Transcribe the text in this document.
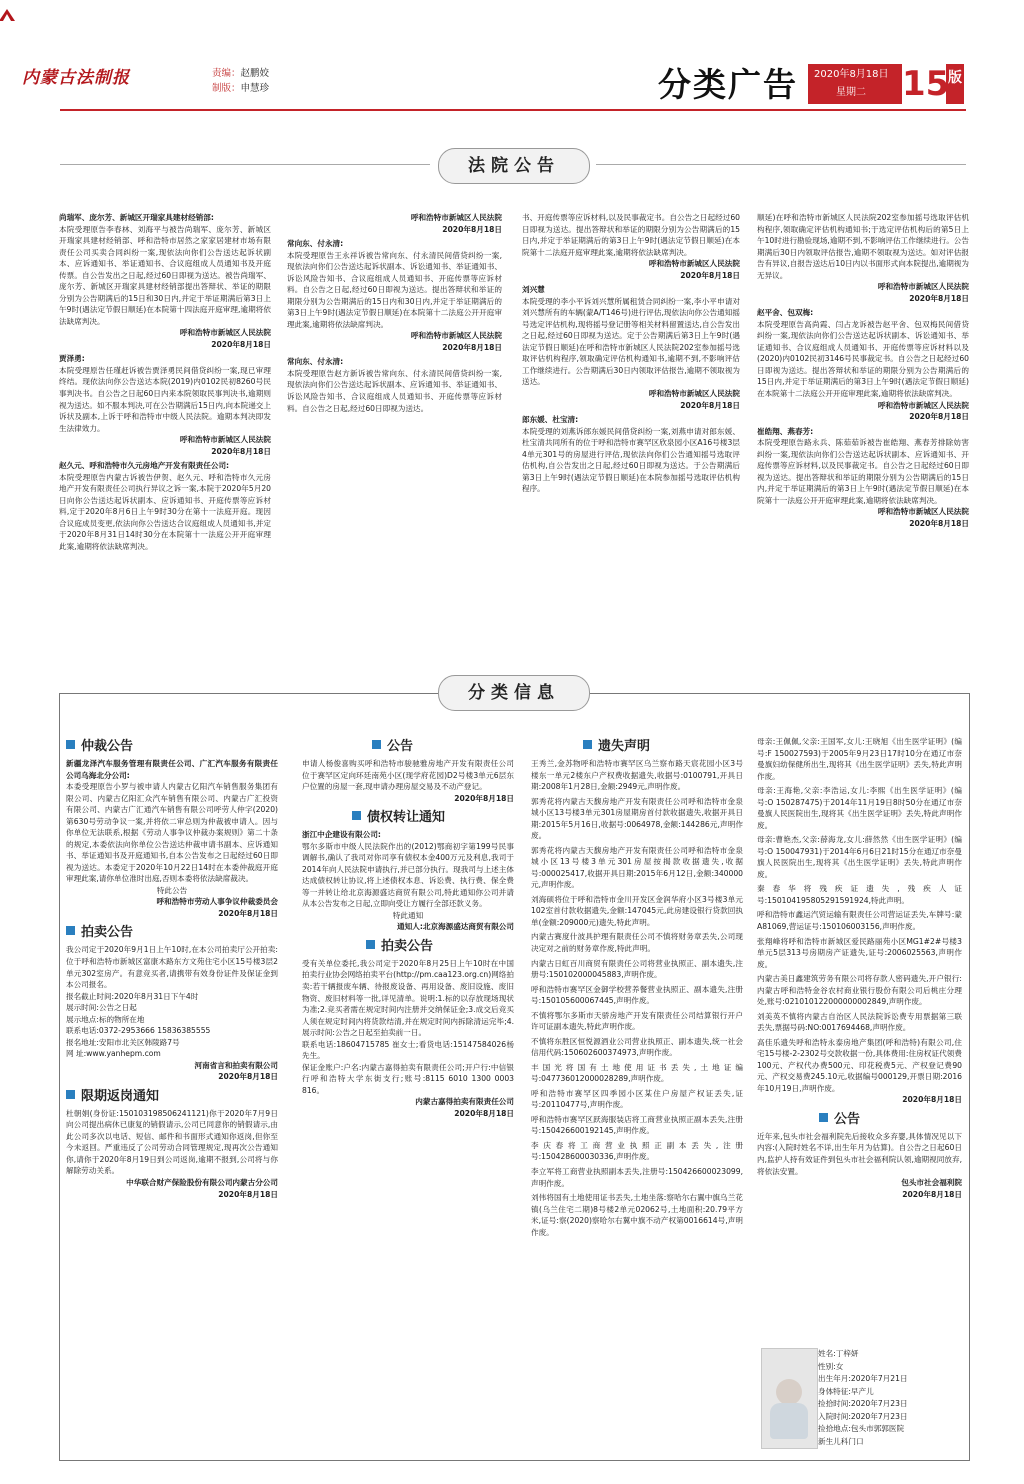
内蒙古法制报	责编：赵鹏姣
制版：申慧珍	分类广告 2020年8月18日
星期二 15
版
法院公告

尚瑞军、庞尔芳、新城区开瑞家具建材经销部:

本院受理原告李春林、刘海平与被告尚瑞军、庞尔芳、新城区开瑞家具建材经销部、呼和浩特市居然之家家居建材市场有限责任公司买卖合同纠纷一案,现依法向你们公告送达起诉状副本、应诉通知书、举证通知书、合议庭组成人员通知书及开庭传票。自公告发出之日起,经过60日即视为送达。被告尚瑞军、庞尔芳、新城区开瑞家具建材经销部提出答辩状、举证的期限分别为公告期满后的15日和30日内,并定于举证期满后第3日上午9时(遇法定节假日顺延)在本院第十四法庭开庭审理,逾期将依法缺席判决。

呼和浩特市新城区人民法院

2020年8月18日

贾泽勇:

本院受理原告任瑾赶诉被告贾泽勇民间借贷纠纷一案,现已审理终结。现依法向你公告送达本院(2019)内0102民初8260号民事判决书。自公告之日起60日内来本院领取民事判决书,逾期则视为送达。如不服本判决,可在公告期满后15日内,向本院递交上诉状及副本,上诉于呼和浩特市中级人民法院。逾期本判决即发生法律效力。

呼和浩特市新城区人民法院

2020年8月18日

赵久元、呼和浩特市久元房地产开发有限责任公司:

本院受理原告内蒙古诉被告伊贺、赵久元、呼和浩特市久元房地产开发有限责任公司执行异议之诉一案,本院于2020年5月20日向你公告送达起诉状副本、应诉通知书、开庭传票等应诉材料,定于2020年8月6日上午9时30分在第十一法庭开庭。现因合议庭成员变更,依法向你公告送达合议庭组成人员通知书,并定于2020年8月31日14时30分在本院第十一法庭公开开庭审理此案,逾期将依法缺席判决。

呼和浩特市新城区人民法院

2020年8月18日

常向东、付永清:

本院受理原告王永祥诉被告常向东、付永清民间借贷纠纷一案,现依法向你们公告送达起诉状副本、诉讼通知书、举证通知书、诉讼风险告知书、合议庭组成人员通知书、开庭传票等应诉材料。自公告之日起,经过60日即视为送达。提出答辩状和举证的期限分别为公告期满后的15日内和30日内,并定于举证期满后的第3日上午9时(遇法定节假日顺延)在本院第十二法庭公开开庭审理此案,逾期将依法缺席判决。

呼和浩特市新城区人民法院

2020年8月18日

常向东、付永清:

本院受理原告赵方新诉被告常向东、付永清民间借贷纠纷一案,现依法向你们公告送达起诉状副本、应诉通知书、举证通知书、诉讼风险告知书、合议庭组成人员通知书、开庭传票等应诉材料。自公告之日起,经过60日即视为送达。

书、开庭传票等应诉材料,以及民事裁定书。自公告之日起经过60日即视为送达。提出答辩状和举证的期限分别为公告期满后的15日内,并定于举证期满后的第3日上午9时(遇法定节假日顺延)在本院第十二法庭开庭审理此案,逾期将依法缺席判决。

呼和浩特市新城区人民法院

2020年8月18日

刘兴慧

本院受理的李小平诉刘兴慧所属租赁合同纠纷一案,李小平申请对刘兴慧所有的车辆(蒙A/T146号)进行评估,现依法向你公告通知摇号选定评估机构,现将摇号登记册等相关材料留置送达,自公告发出之日起,经过60日即视为送达。定于公告期满后第3日上午9时(遇法定节假日顺延)在呼和浩特市新城区人民法院202室参加摇号选取评估机构程序,领取确定评估机构通知书,逾期不到,不影响评估工作继续进行。公告期满后30日内领取评估报告,逾期不领取视为送达。

呼和浩特市新城区人民法院

2020年8月18日

郎东媛、杜宝清:

本院受理的刘燕诉郎东媛民间借贷纠纷一案,刘燕申请对郎东媛、杜宝清共同所有的位于呼和浩特市赛罕区欣泉园小区A16号楼3层4单元301号的房屋进行评估,现依法向你们公告通知摇号选取评估机构,自公告发出之日起,经过60日即视为送达。于公告期满后第3日上午9时(遇法定节假日顺延)在本院参加摇号选取评估机构程序。

顺延)在呼和浩特市新城区人民法院202室参加摇号选取评估机构程序,领取确定评估机构通知书;于选定评估机构后的第5日上午10时进行勘验现场,逾期不到,不影响评估工作继续进行。公告期满后30日内领取评估报告,逾期不领取视为送达。如对评估报告有异议,自报告送达后10日内以书面形式向本院提出,逾期视为无异议。

呼和浩特市新城区人民法院

2020年8月18日

赵平舍、包双梅:

本院受理原告高尚霞、闫占龙诉被告赵平舍、包双梅民间借贷纠纷一案,现依法向你们公告送达起诉状副本、诉讼通知书、举证通知书、合议庭组成人员通知书、开庭传票等应诉材料以及(2020)内0102民初3146号民事裁定书。自公告之日起经过60日即视为送达。提出答辩状和举证的期限分别为公告期满后的15日内,并定于举证期满后的第3日上午9时(遇法定节假日顺延)在本院第十二法庭公开开庭审理此案,逾期将依法缺席判决。

呼和浩特市新城区人民法院

2020年8月18日

崔皓翔、燕春芳:

本院受理原告路永兵、陈茹茹诉被告崔皓翔、燕春芳排除妨害纠纷一案,现依法向你们公告送达起诉状副本、应诉通知书、开庭传票等应诉材料,以及民事裁定书。自公告之日起经过60日即视为送达。提出答辩状和举证的期限分别为公告期满后的15日内,并定于举证期满后的第3日上午9时(遇法定节假日顺延)在本院第十一法庭公开开庭审理此案,逾期将依法缺席判决。

呼和浩特市新城区人民法院

2020年8月18日

分类信息
仲裁公告

新疆龙泽汽车服务管理有限责任公司、广汇汽车服务有限责任公司乌海北分公司:

本委受理原告小罗与被申请人内蒙古亿阳汽车销售服务集团有限公司、内蒙古亿阳汇众汽车销售有限公司、内蒙古广汇投资有限公司、内蒙古广汇通汽车销售有限公司呼劳人仲字(2020)第630号劳动争议一案,并将依二审总则为仲裁被申请人。因与你单位无法联系,根据《劳动人事争议仲裁办案规则》第二十条的规定,本委依法向你单位公告送达仲裁申请书副本、应诉通知书、举证通知书及开庭通知书,自本公告发布之日起经过60日即视为送达。本委定于2020年10月22日14时在本委仲裁庭开庭审理此案,请你单位准时出庭,否则本委将依法缺席裁决。

特此公告

呼和浩特市劳动人事争议仲裁委员会

2020年8月18日

拍卖公告

我公司定于2020年9月1日上午10时,在本公司拍卖厅公开拍卖:位于呼和浩特市新城区富康木路东方文苑住宅小区15号楼3层2单元302室房产。有意竞买者,请携带有效身份证件及保证金到本公司报名。

报名截止时间:2020年8月31日下午4时

展示时间:公告之日起

展示地点:标的物所在地

联系电话:0372-2953666 15836385555

报名地址:安阳市北关区韩陵路7号

网 址:www.yanhepm.com

河南省言和拍卖有限公司

2020年8月18日

限期返岗通知

杜朝娟(身份证:150103198506241121)你于2020年7月9日向公司提出病休已康复的销假请示,公司已同意你的销假请示,由此公司多次以电话、短信、邮件和书面形式通知你返岗,但你至今未返回。严重违反了公司劳动合同管理规定,现再次公告通知你,请你于2020年8月19日到公司返岗,逾期不报到,公司将与你解除劳动关系。

中华联合财产保险股份有限公司内蒙古分公司

2020年8月18日

公告

申请人杨俊喜购买呼和浩特市骏驰雅房地产开发有限责任公司位于赛罕区定向环廷南苑小区(现学府花园)D2号楼3单元6层东户位置的房屋一套,现申请办理房屋交易及不动产登记。

2020年8月18日

债权转让通知

浙江中企建设有限公司:

鄂尔多斯市中级人民法院作出的(2012)鄂商初字第199号民事调解书,确认了我司对你司享有债权本金400万元及利息,我司于2014年向人民法院申请执行,并已部分执行。现我司与上述主体达成债权转让协议,将上述债权本息、诉讼费、执行费、保全费等一并转让给北京海源盛达商贸有限公司,特此通知你公司并请从本公告发布之日起,立即向受让方履行全部还款义务。

特此通知

通知人:北京海源盛达商贸有限公司

拍卖公告

受有关单位委托,我公司定于2020年8月25日上午10时在中国拍卖行业协会网络拍卖平台(http://pm.caa123.org.cn)网络拍卖:若干辆报废车辆、待报废设备、再用设备、废旧设施、废旧物资、废旧材料等一批,详见清单。说明:1.标的以存放现场现状为准;2.竞买者需在规定时间内注册并交纳保证金;3.成交后竞买人须在规定时间内将货款结清,并在规定时间内拆除清运完毕;4.展示时间:公告之日起至拍卖前一日。

联系电话:18604715785 崔女士;看货电话:15147584026杨先生。

保证金账户:户名:内蒙古嘉得拍卖有限责任公司;开户行:中信银行呼和浩特大学东街支行;账号:8115 6010 1300 0003 816。

内蒙古嘉得拍卖有限责任公司

2020年8月18日

遗失声明

王秀兰,金苏物呼和浩特市赛罕区乌兰察布路天宸花园小区3号楼东一单元2楼东户产权费收据遗失,收据号:0100791,开具日期:2008年1月28日,金额:2949元,声明作废。

郭秀花将内蒙古天馥房地产开发有限责任公司呼和浩特市金泉城小区13号楼3单元301房屋期房首付款收据遗失,收据开具日期:2015年5月16日,收据号:0064978,金额:144286元,声明作废。

郭秀花将内蒙古天馥房地产开发有限责任公司呼和浩特市金泉城小区13号楼3单元301房屋按揭款收据遗失,收据号:000025417,收据开具日期:2015年6月12日,金额:340000元,声明作废。

刘海硕将位于呼和浩特市金川开发区金润华府小区3号楼3单元102室首付款收据遗失,金额:147045元,此房建设银行贷款回执单(金额:209000元)遗失,特此声明。

内蒙古赛度什波具护理有限责任公司不慎将财务章丢失,公司现决定对之前的财务章作废,特此声明。

内蒙古日虹百川商贸有限责任公司将营业执照正、副本遗失,注册号:150102000045883,声明作废。

呼和浩特市赛罕区金御学校营养餐营业执照正、副本遗失,注册号:150105600067445,声明作废。

不慎将鄂尔多斯市天骄房地产开发有限责任公司结算银行开户许可证副本遗失,特此声明作废。

不慎将东胜区恒悦源酒业公司营业执照正、副本遗失,统一社会信用代码:150602600374973,声明作废。

丰国光将国有土地使用证书丢失,土地证编号:047736012000028289,声明作废。

呼和浩特市赛罕区四季园小区某住户房屋产权证丢失,证号:20110477号,声明作废。

呼和浩特市赛罕区跃海服装店将工商营业执照正副本丢失,注册号:150426600192145,声明作废。

李庆春将工商营业执照正副本丢失,注册号:150428600030336,声明作废。

李立军将工商营业执照副本丢失,注册号:150426600023099,声明作废。

刘伟将国有土地使用证书丢失,土地坐落:察哈尔右翼中旗乌兰花镇(乌兰住宅二期)8号楼2单元02062号,土地面积:20.79平方米,证号:察(2020)察哈尔右翼中旗不动产权第0016614号,声明作废。

母亲:王佩佩,父亲:王国军,女儿:王晓旭《出生医学证明》(编号:F 150027593)于2005年9月23日17时10分在通辽市奈曼旗妇幼保健所出生,现将其《出生医学证明》丢失,特此声明作废。

母亲:王海艳,父亲:李浩运,女儿:李熙《出生医学证明》(编号:O 150287475)于2014年11月19日8时50分在通辽市奈曼旗人民医院出生,现将其《出生医学证明》丢失,特此声明作废。

母亲:曹艳杰,父亲:薛海龙,女儿:薛然然《出生医学证明》(编号:O 150047931)于2014年6月6日21时15分在通辽市奈曼旗人民医院出生,现将其《出生医学证明》丢失,特此声明作废。

秦春华将残疾证遗失,残疾人证号:150104195805291591924,特此声明。

呼和浩特市鑫运汽贸运输有限责任公司营运证丢失,车牌号:蒙A81069,营运证号:150106003156,声明作废。

张翔峰将呼和浩特市新城区爱民路丽苑小区MG1#2#号楼3单元5层313号房期房产证遗失,证号:2006025563,声明作废。

内蒙古美日鑫建筑劳务有限公司将存款人密码遗失,开户银行:内蒙古呼和浩特金谷农村商业银行股份有限公司后桃庄分理处,账号:021010122000000002849,声明作废。

刘美英不慎将内蒙古自治区人民法院诉讼费专用票据第三联丢失,票据号码:NO:0017694468,声明作废。

高佳乐遗失呼和浩特永泰房地产集团(呼和浩特)有限公司,住宅15号楼-2-2302号交款收据一份,具体费用:住房权证代领费100元、产权代办费500元、印花税费5元、产权登记费90元、产权交易费245.10元,收据编号000129,开票日期:2016年10月19日,声明作废。

2020年8月18日

公告

近年来,包头市社会福利院先后接收众多弃婴,具体情况见以下内容:(入院时姓名不详,出生年月为估算)。自公告之日起60日内,监护人持有效证件到包头市社会福利院认领,逾期视同放弃,将依法安置。

包头市社会福利院

2020年8月18日

姓名:丁梓妍
性别:女
出生年月:2020年7月21日
身体特征:早产儿
捡拾时间:2020年7月23日
入院时间:2020年7月23日
捡拾地点:包头市郭郭医院
新生儿科门口
